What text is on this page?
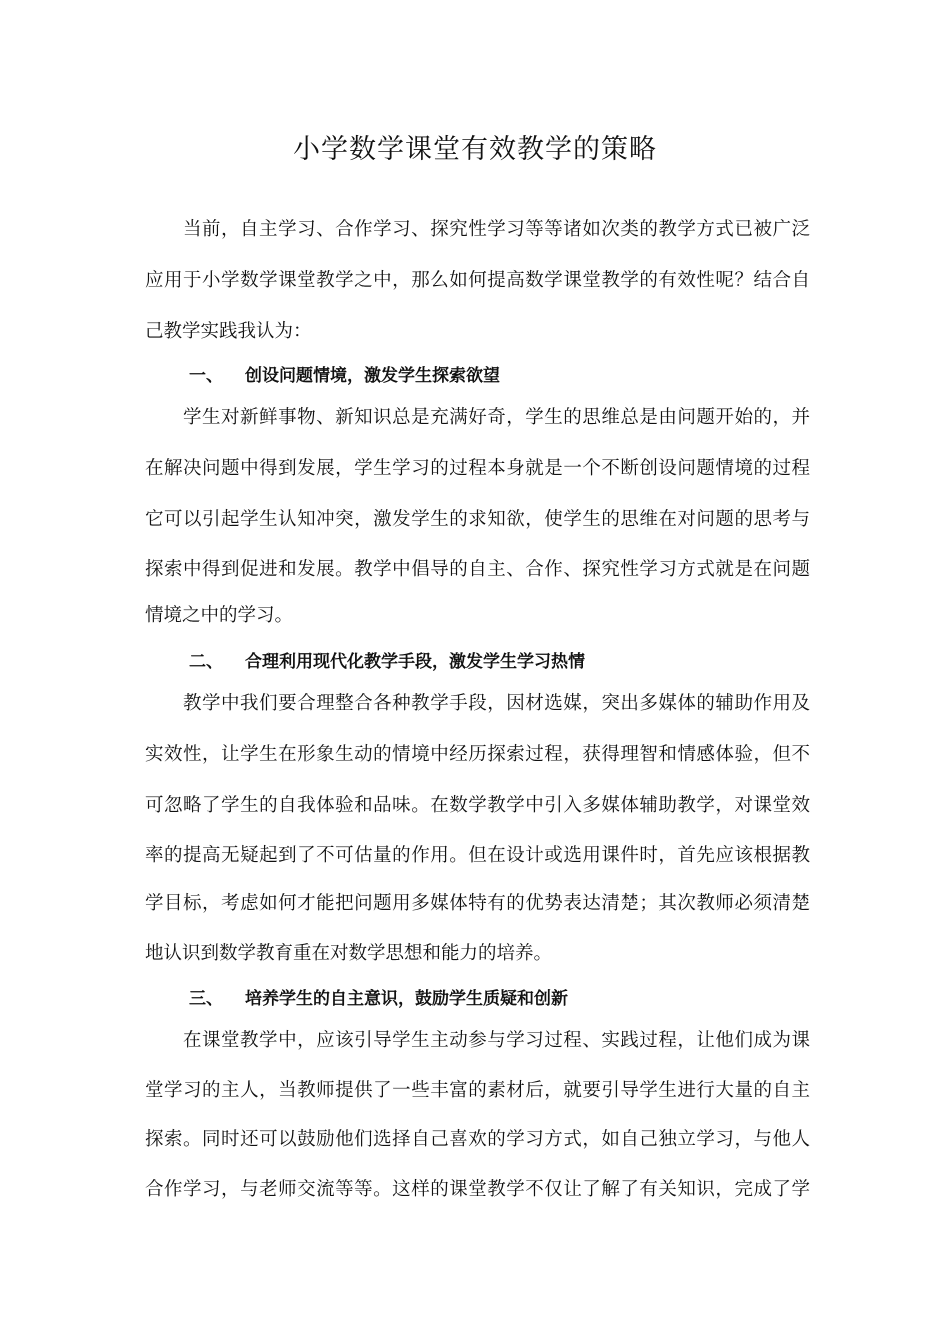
小学数学课堂有效教学的策略
当前，自主学习、合作学习、探究性学习等等诸如次类的教学方式已被广泛
应用于小学数学课堂教学之中，那么如何提高数学课堂教学的有效性呢？结合自
己教学实践我认为：
一、 创设问题情境，激发学生探索欲望
学生对新鲜事物、新知识总是充满好奇，学生的思维总是由问题开始的，并
在解决问题中得到发展，学生学习的过程本身就是一个不断创设问题情境的过程
它可以引起学生认知冲突，激发学生的求知欲，使学生的思维在对问题的思考与
探索中得到促进和发展。教学中倡导的自主、合作、探究性学习方式就是在问题
情境之中的学习。
二、 合理利用现代化教学手段，激发学生学习热情
教学中我们要合理整合各种教学手段，因材选媒，突出多媒体的辅助作用及
实效性，让学生在形象生动的情境中经历探索过程，获得理智和情感体验，但不
可忽略了学生的自我体验和品味。在数学教学中引入多媒体辅助教学，对课堂效
率的提高无疑起到了不可估量的作用。但在设计或选用课件时，首先应该根据教
学目标，考虑如何才能把问题用多媒体特有的优势表达清楚；其次教师必须清楚
地认识到数学教育重在对数学思想和能力的培养。
三、 培养学生的自主意识，鼓励学生质疑和创新
在课堂教学中，应该引导学生主动参与学习过程、实践过程，让他们成为课
堂学习的主人，当教师提供了一些丰富的素材后，就要引导学生进行大量的自主
探索。同时还可以鼓励他们选择自己喜欢的学习方式，如自己独立学习，与他人
合作学习，与老师交流等等。这样的课堂教学不仅让了解了有关知识，完成了学
